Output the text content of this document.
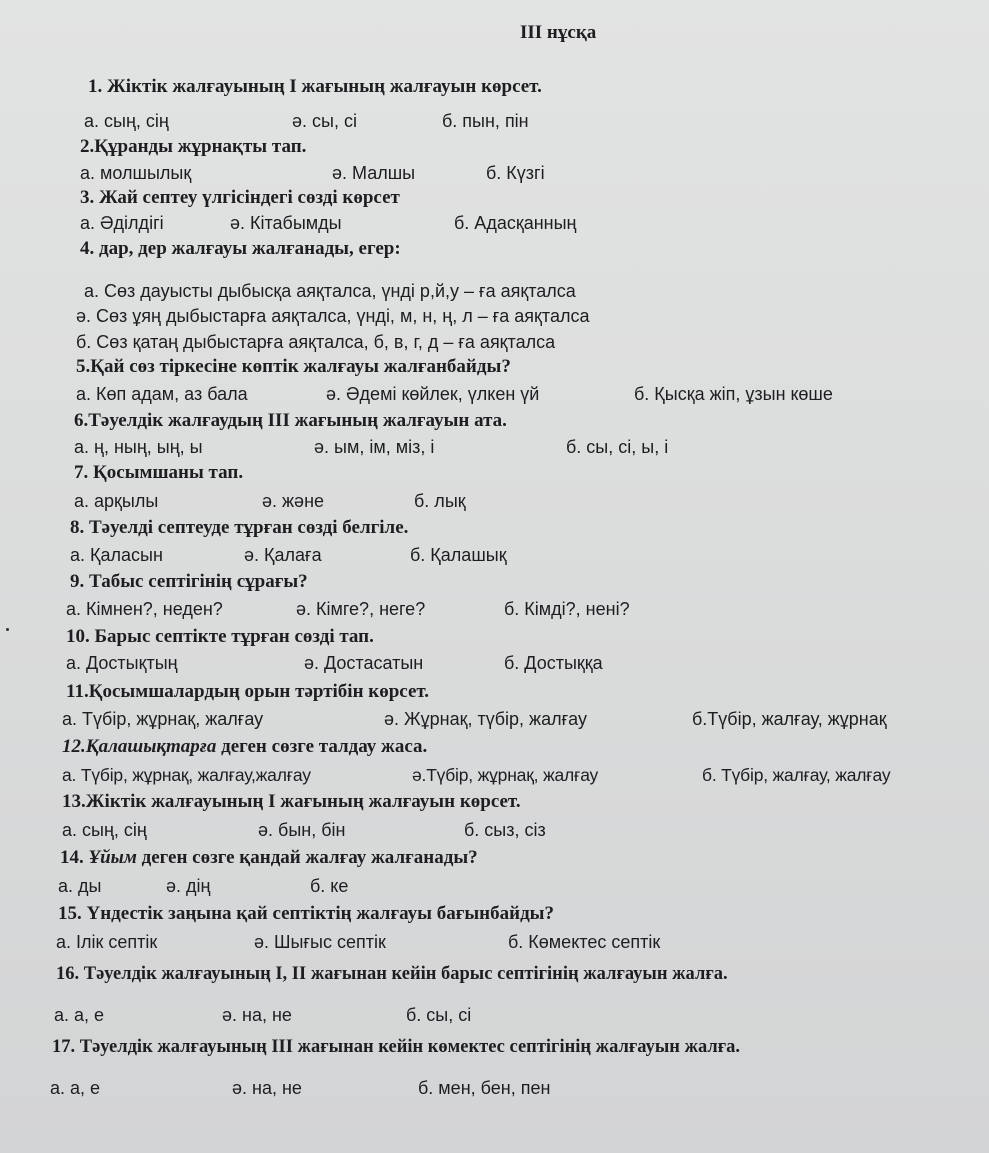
III нұсқа
1. Жіктік жалғауының І жағының жалғауын көрсет.
а. сың, сің	ә. сы, сі	б. пын, пін
2.Құранды жұрнақты тап.
а. молшылық	ә. Малшы	б. Күзгі
3. Жай септеу үлгісіндегі сөзді көрсет
а. Әділдігі	ә. Кітабымды	б. Адасқанның
4. дар, дер жалғауы жалғанады, егер:
а. Сөз дауысты дыбысқа аяқталса, үнді р,й,у – ға аяқталса
ә. Сөз ұяң дыбыстарға аяқталса, үнді, м, н, ң, л – ға аяқталса
б. Сөз қатаң дыбыстарға аяқталса, б, в, г, д – ға аяқталса
5.Қай сөз тіркесіне көптік жалғауы жалғанбайды?
а. Көп адам, аз бала	ә. Әдемі көйлек, үлкен үй	б. Қысқа жіп, ұзын көше
6.Тәуелдік жалғаудың ІІІ жағының жалғауын ата.
а. ң, ның, ың, ы	ә. ым, ім, міз, і	б. сы, сі, ы, і
7. Қосымшаны тап.
а. арқылы	ә. және	б. лық
8. Тәуелді септеуде тұрған сөзді белгіле.
а. Қаласын	ә. Қалаға	б. Қалашық
9. Табыс септігінің сұрағы?
а. Кімнен?, неден?	ә. Кімге?, неге?	б. Кімді?, нені?
10. Барыс септікте тұрған сөзді тап.
а. Достықтың	ә. Достасатын	б. Достыққа
11.Қосымшалардың орын тәртібін көрсет.
а. Түбір, жұрнақ, жалғау	ә. Жұрнақ, түбір, жалғау	б.Түбір, жалғау, жұрнақ
12.Қалашықтарға деген сөзге талдау жаса.
а. Түбір, жұрнақ, жалғау,жалғау	ә.Түбір, жұрнақ, жалғау	б. Түбір, жалғау, жалғау
13.Жіктік жалғауының І жағының жалғауын көрсет.
а. сың, сің	ә. бын, бін	б. сыз, сіз
14. Ұйым деген сөзге қандай жалғау жалғанады?
а. ды	ә. дің	б. ке
15. Үндестік заңына қай септіктің жалғауы бағынбайды?
а. Ілік септік	ә. Шығыс септік	б. Көмектес септік
16. Тәуелдік жалғауының І, ІІ жағынан кейін барыс септігінің жалғауын жалға.
а. а, е	ә. на, не	б. сы, сі
17. Тәуелдік жалғауының ІІІ жағынан кейін көмектес септігінің жалғауын жалға.
а. а, е	ә. на, не	б. мен, бен, пен
